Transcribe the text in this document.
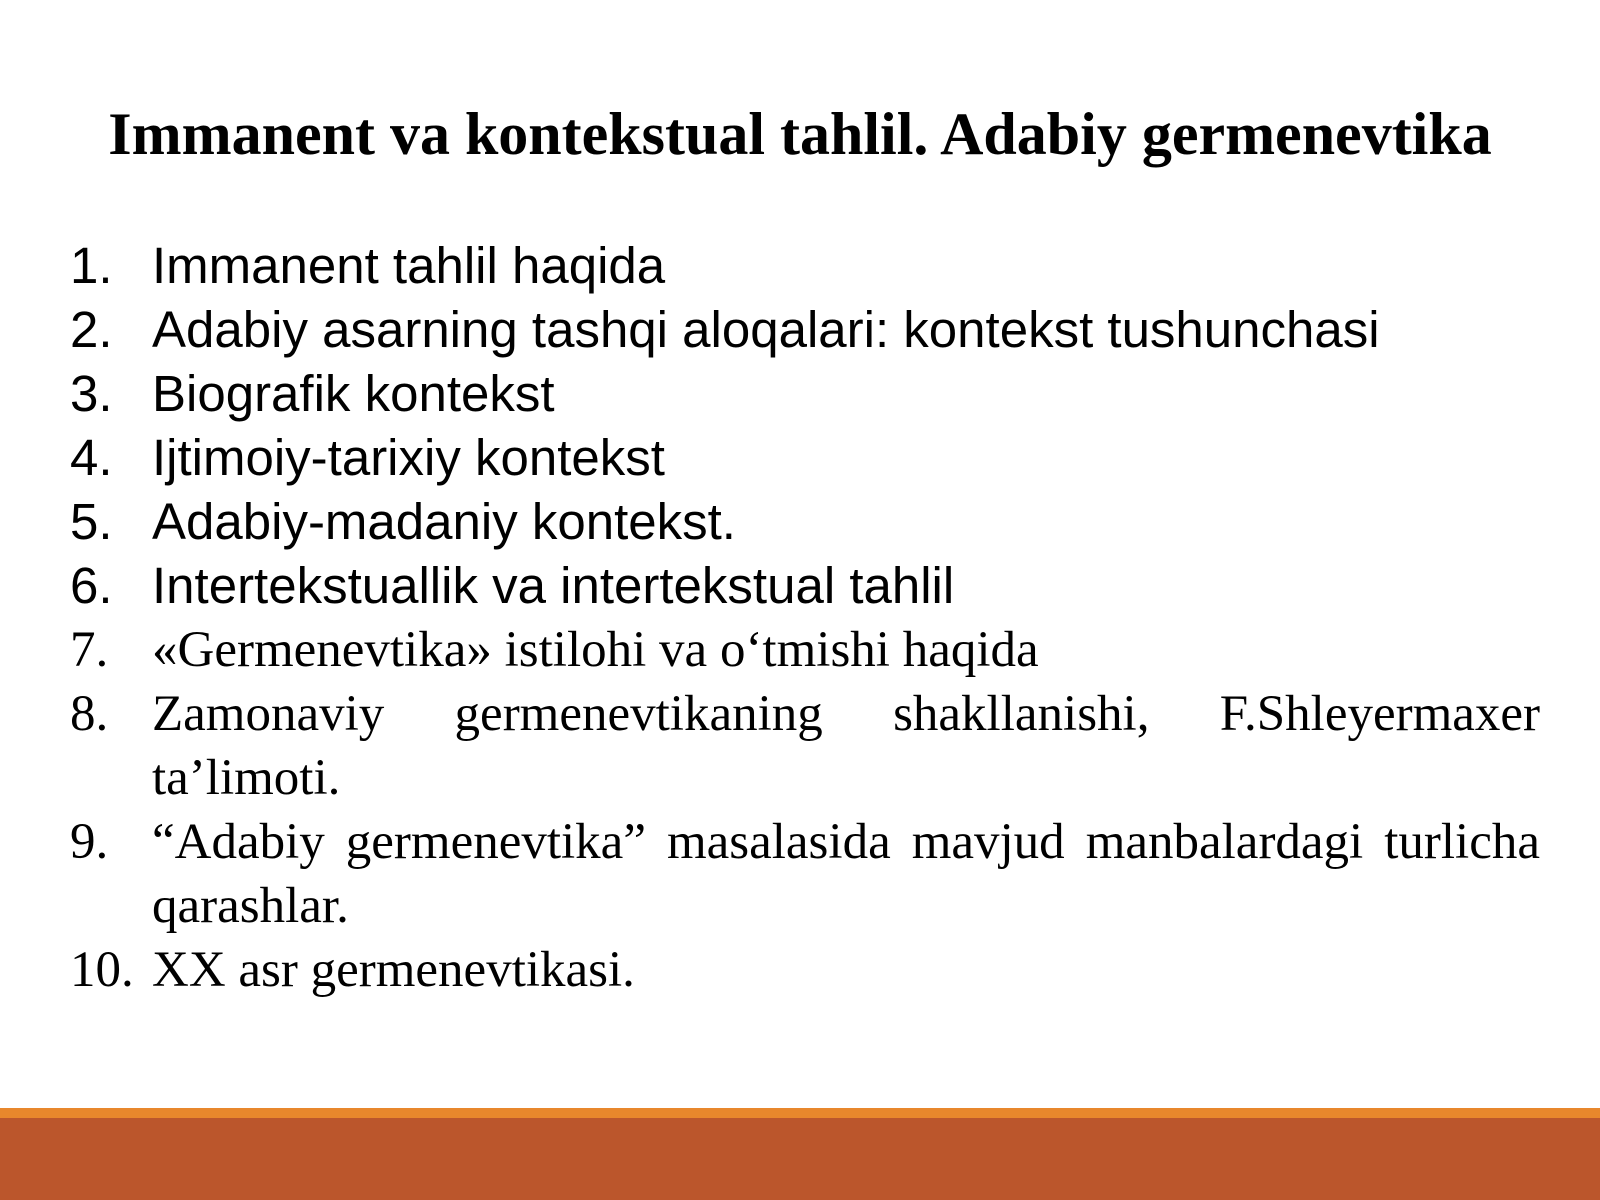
Immanent va kontekstual tahlil. Adabiy germenevtika
1. Immanent tahlil haqida
2. Adabiy asarning tashqi aloqalari: kontekst tushunchasi
3. Biografik kontekst
4. Ijtimoiy-tarixiy kontekst
5. Adabiy-madaniy kontekst.
6. Intertekstuallik va intertekstual tahlil
7. «Germenevtika» istilohi va o‘tmishi haqida
8. Zamonaviy germenevtikaning shakllanishi, F.Shleyermaxer ta’limoti.
9. “Adabiy germenevtika” masalasida mavjud manbalardagi turlicha qarashlar.
10. XX asr germenevtikasi.
